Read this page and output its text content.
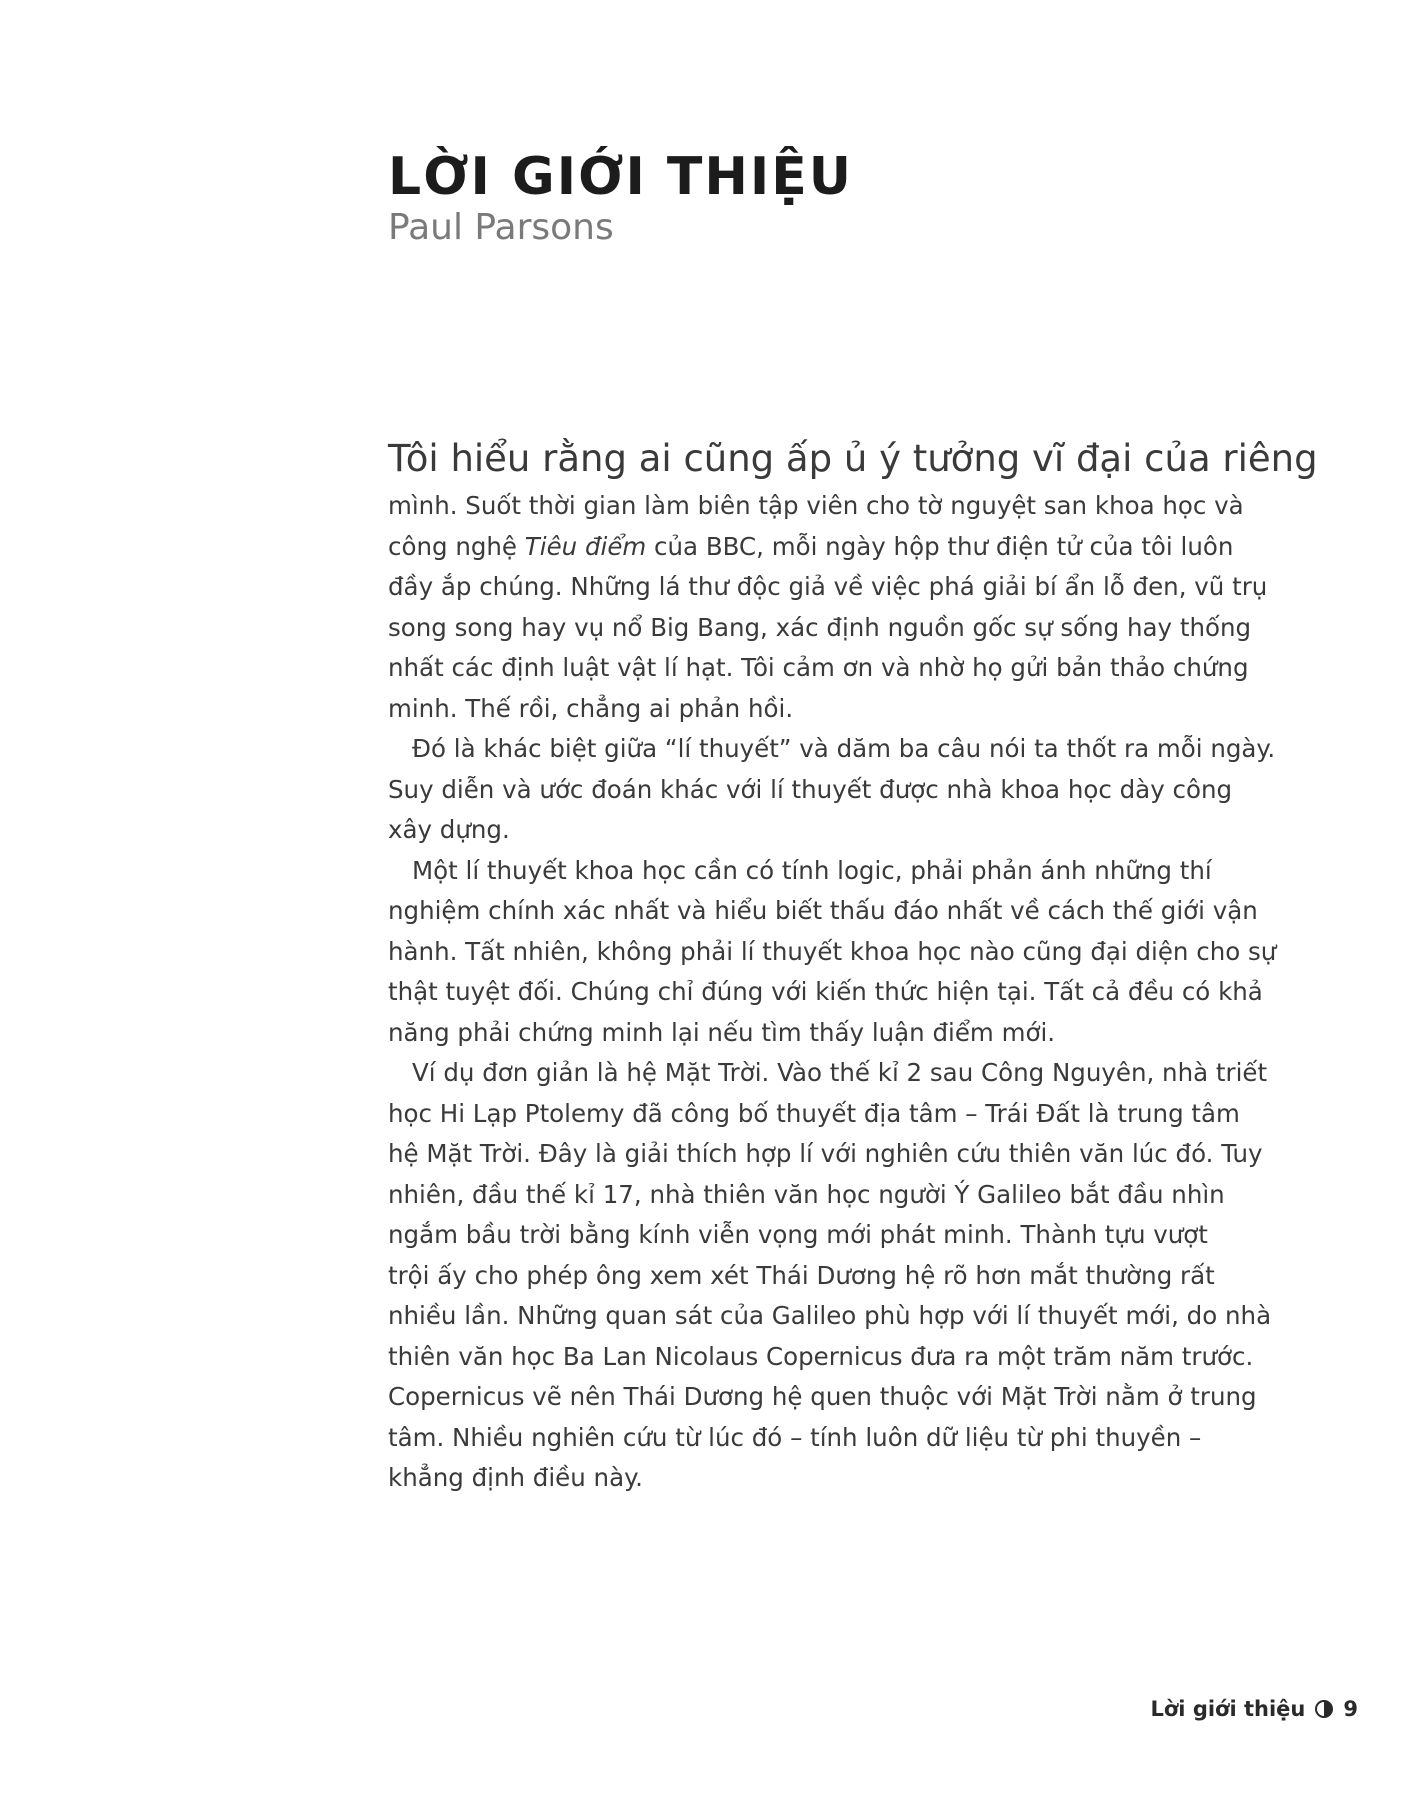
LỜI GIỚI THIỆU
Paul Parsons

Tôi hiểu rằng ai cũng ấp ủ ý tưởng vĩ đại của riêng
mình. Suốt thời gian làm biên tập viên cho tờ nguyệt san khoa học và
công nghệ Tiêu điểm của BBC, mỗi ngày hộp thư điện tử của tôi luôn
đầy ắp chúng. Những lá thư độc giả về việc phá giải bí ẩn lỗ đen, vũ trụ
song song hay vụ nổ Big Bang, xác định nguồn gốc sự sống hay thống
nhất các định luật vật lí hạt. Tôi cảm ơn và nhờ họ gửi bản thảo chứng
minh. Thế rồi, chẳng ai phản hồi.

Đó là khác biệt giữa “lí thuyết” và dăm ba câu nói ta thốt ra mỗi ngày.
Suy diễn và ước đoán khác với lí thuyết được nhà khoa học dày công
xây dựng.

Một lí thuyết khoa học cần có tính logic, phải phản ánh những thí
nghiệm chính xác nhất và hiểu biết thấu đáo nhất về cách thế giới vận
hành. Tất nhiên, không phải lí thuyết khoa học nào cũng đại diện cho sự
thật tuyệt đối. Chúng chỉ đúng với kiến thức hiện tại. Tất cả đều có khả
năng phải chứng minh lại nếu tìm thấy luận điểm mới.

Ví dụ đơn giản là hệ Mặt Trời. Vào thế kỉ 2 sau Công Nguyên, nhà triết
học Hi Lạp Ptolemy đã công bố thuyết địa tâm – Trái Đất là trung tâm
hệ Mặt Trời. Đây là giải thích hợp lí với nghiên cứu thiên văn lúc đó. Tuy
nhiên, đầu thế kỉ 17, nhà thiên văn học người Ý Galileo bắt đầu nhìn
ngắm bầu trời bằng kính viễn vọng mới phát minh. Thành tựu vượt
trội ấy cho phép ông xem xét Thái Dương hệ rõ hơn mắt thường rất
nhiều lần. Những quan sát của Galileo phù hợp với lí thuyết mới, do nhà
thiên văn học Ba Lan Nicolaus Copernicus đưa ra một trăm năm trước.
Copernicus vẽ nên Thái Dương hệ quen thuộc với Mặt Trời nằm ở trung
tâm. Nhiều nghiên cứu từ lúc đó – tính luôn dữ liệu từ phi thuyền –
khẳng định điều này.

Lời giới thiệu 9
